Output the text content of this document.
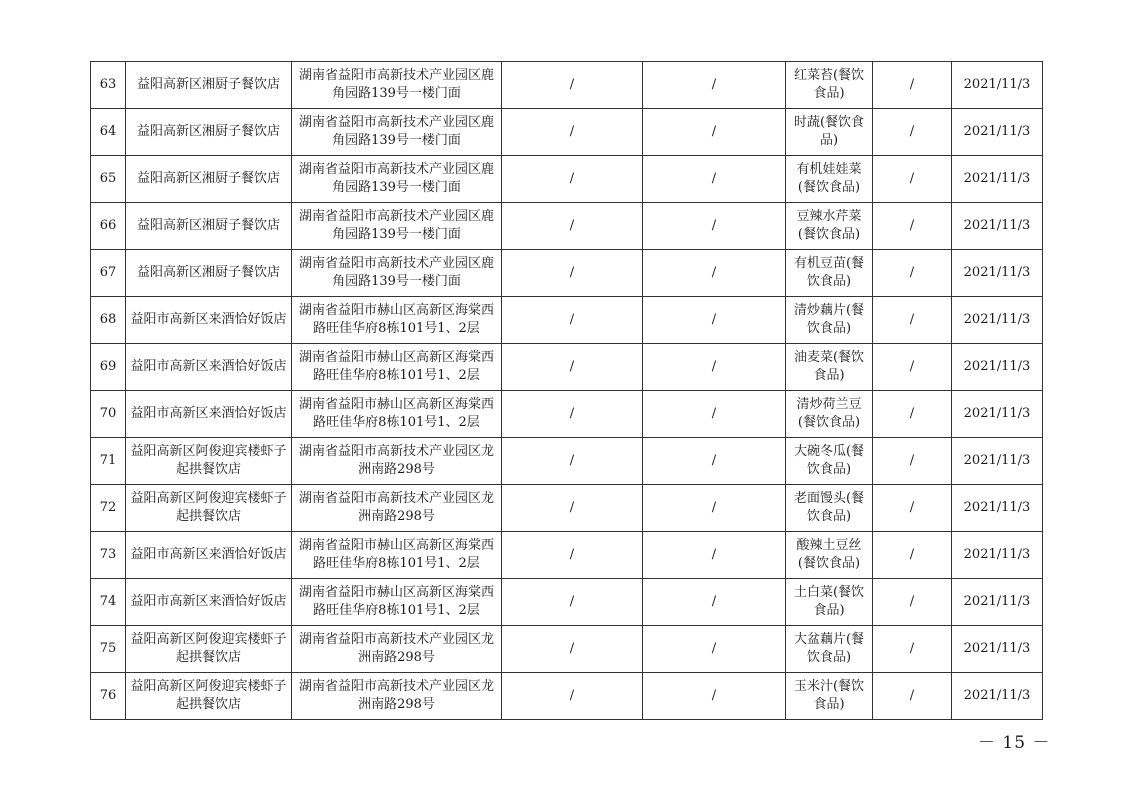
63	益阳高新区湘厨子餐饮店	湖南省益阳市高新技术产业园区鹿角园路139号一楼门面	/	/	红菜苔(餐饮食品)	/	2021/11/3
64	益阳高新区湘厨子餐饮店	湖南省益阳市高新技术产业园区鹿角园路139号一楼门面	/	/	时蔬(餐饮食品)	/	2021/11/3
65	益阳高新区湘厨子餐饮店	湖南省益阳市高新技术产业园区鹿角园路139号一楼门面	/	/	有机娃娃菜(餐饮食品)	/	2021/11/3
66	益阳高新区湘厨子餐饮店	湖南省益阳市高新技术产业园区鹿角园路139号一楼门面	/	/	豆辣水芹菜(餐饮食品)	/	2021/11/3
67	益阳高新区湘厨子餐饮店	湖南省益阳市高新技术产业园区鹿角园路139号一楼门面	/	/	有机豆苗(餐饮食品)	/	2021/11/3
68	益阳市高新区来酒恰好饭店	湖南省益阳市赫山区高新区海棠西路旺佳华府8栋101号1、2层	/	/	清炒藕片(餐饮食品)	/	2021/11/3
69	益阳市高新区来酒恰好饭店	湖南省益阳市赫山区高新区海棠西路旺佳华府8栋101号1、2层	/	/	油麦菜(餐饮食品)	/	2021/11/3
70	益阳市高新区来酒恰好饭店	湖南省益阳市赫山区高新区海棠西路旺佳华府8栋101号1、2层	/	/	清炒荷兰豆(餐饮食品)	/	2021/11/3
71	益阳高新区阿俊迎宾楼虾子起拱餐饮店	湖南省益阳市高新技术产业园区龙洲南路298号	/	/	大碗冬瓜(餐饮食品)	/	2021/11/3
72	益阳高新区阿俊迎宾楼虾子起拱餐饮店	湖南省益阳市高新技术产业园区龙洲南路298号	/	/	老面馒头(餐饮食品)	/	2021/11/3
73	益阳市高新区来酒恰好饭店	湖南省益阳市赫山区高新区海棠西路旺佳华府8栋101号1、2层	/	/	酸辣土豆丝(餐饮食品)	/	2021/11/3
74	益阳市高新区来酒恰好饭店	湖南省益阳市赫山区高新区海棠西路旺佳华府8栋101号1、2层	/	/	土白菜(餐饮食品)	/	2021/11/3
75	益阳高新区阿俊迎宾楼虾子起拱餐饮店	湖南省益阳市高新技术产业园区龙洲南路298号	/	/	大盆藕片(餐饮食品)	/	2021/11/3
76	益阳高新区阿俊迎宾楼虾子起拱餐饮店	湖南省益阳市高新技术产业园区龙洲南路298号	/	/	玉米汁(餐饮食品)	/	2021/11/3
－ 15 －
